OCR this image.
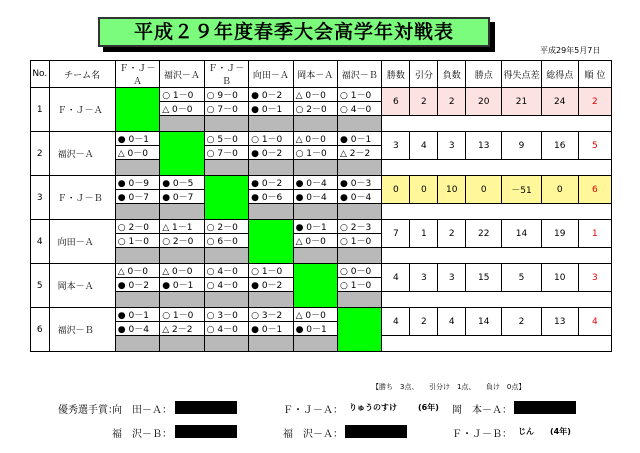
平成２９年度春季大会高学年対戦表
平成29年5月7日
No.	チーム名	Ｆ・Ｊ－Ａ	福沢－Ａ	Ｆ・Ｊ－Ｂ	向田－Ａ	岡本－Ａ	福沢－Ｂ	勝数	引分	負数	勝点	得失点差	総得点	順 位
1	Ｆ・Ｊ－Ａ		○ 1－0	○ 9－0	● 0－2	△ 0－0	○ 1－0	6	2	2	20	21	24	2
			△ 0－0	○ 7－0	● 0－1	○ 2－0	○ 4－0							

2	福沢－Ａ	● 0－1		○ 5－0	○ 1－0	△ 0－0	● 0－1	3	4	3	13	9	16	5
		△ 0－0		○ 7－0	● 0－2	○ 1－0	△ 2－2							

3	Ｆ・Ｊ－Ｂ	● 0－9	● 0－5		● 0－2	● 0－4	● 0－3	0	0	10	0	－51	0	6
		● 0－7	● 0－7		● 0－6	● 0－4	● 0－4							

4	向田－Ａ	○ 2－0	△ 1－1	○ 2－0		● 0－1	○ 2－3	7	1	2	22	14	19	1
		○ 1－0	○ 2－0	○ 6－0		△ 0－0	○ 1－0							

5	岡本－Ａ	△ 0－0	△ 0－0	○ 4－0	○ 1－0		○ 0－0	4	3	3	15	5	10	3
		● 0－2	● 0－1	○ 4－0	● 0－2		○ 1－0							

6	福沢－Ｂ	● 0－1	○ 1－0	○ 3－0	○ 3－2	△ 0－0		4	2	4	14	2	13	4
		● 0－4	△ 2－2	○ 4－0	● 0－1	● 0－1								

【勝ち　3点、　　引分け　1点、　　負け　0点】
優秀選手賞：
向　田－Ａ：	Ｆ・Ｊ－Ａ： りゅうのすけ	(6年) 岡　本－Ａ：
福　沢－Ｂ：	福　沢－Ａ：	Ｆ・Ｊ－Ｂ： じん (4年)
